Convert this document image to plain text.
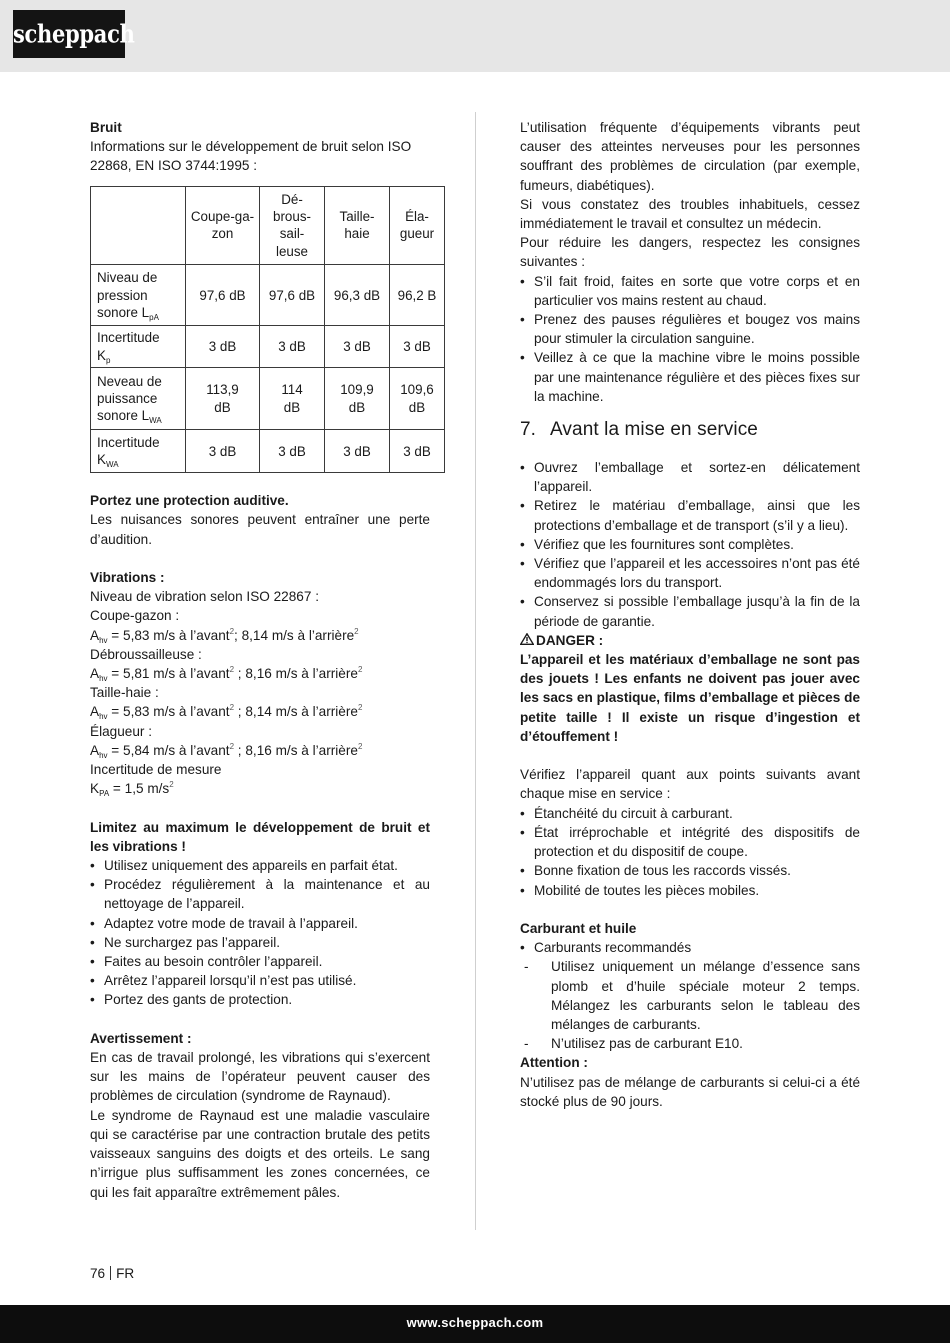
scheppach
Bruit
Informations sur le développement de bruit selon ISO 22868, EN ISO 3744:1995 :
	Coupe-ga-
zon	Dé-
brous-
sail-
leuse	Taille-
haie	Éla-
gueur
Niveau de
pression
sonore $L_{pA}$	97,6 dB	97,6 dB	96,3 dB	96,2 B
Incertitude
$K_p$	3 dB	3 dB	3 dB	3 dB
Neveau de
puissance
sonore $L_{WA}$	113,9
dB	114
dB	109,9
dB	109,6
dB
Incertitude
$K_{WA}$	3 dB	3 dB	3 dB	3 dB
Portez une protection auditive.
Les nuisances sonores peuvent entraîner une perte d’audition.
Vibrations :
Niveau de vibration selon ISO 22867 :
Coupe-gazon :
$A_{hv} = 5,83$ m/s à l’avant$^2$; 8,14 m/s à l’arrière$^2$
Débroussailleuse :
$A_{hv} = 5,81$ m/s à l’avant$^2$ ; 8,16 m/s à l’arrière$^2$
Taille-haie :
$A_{hv} = 5,83$ m/s à l’avant$^2$ ; 8,14 m/s à l’arrière$^2$
Élagueur :
$A_{hv} = 5,84$ m/s à l’avant$^2$ ; 8,16 m/s à l’arrière$^2$
Incertitude de mesure
$K_{PA} = 1,5$ $m/s^2$
Limitez au maximum le développement de bruit et les vibrations !
• Utilisez uniquement des appareils en parfait état.
• Procédez régulièrement à la maintenance et au nettoyage de l’appareil.
• Adaptez votre mode de travail à l’appareil.
• Ne surchargez pas l’appareil.
• Faites au besoin contrôler l’appareil.
• Arrêtez l’appareil lorsqu’il n’est pas utilisé.
• Portez des gants de protection.
Avertissement :
En cas de travail prolongé, les vibrations qui s’exercent sur les mains de l’opérateur peuvent causer des problèmes de circulation (syndrome de Raynaud).
Le syndrome de Raynaud est une maladie vasculaire qui se caractérise par une contraction brutale des petits vaisseaux sanguins des doigts et des orteils. Le sang n’irrigue plus suffisamment les zones concernées, ce qui les fait apparaître extrêmement pâles.
L’utilisation fréquente d’équipements vibrants peut causer des atteintes nerveuses pour les personnes souffrant des problèmes de circulation (par exemple, fumeurs, diabétiques).
Si vous constatez des troubles inhabituels, cessez immédiatement le travail et consultez un médecin.
Pour réduire les dangers, respectez les consignes suivantes :
• S’il fait froid, faites en sorte que votre corps et en particulier vos mains restent au chaud.
• Prenez des pauses régulières et bougez vos mains pour stimuler la circulation sanguine.
• Veillez à ce que la machine vibre le moins possible par une maintenance régulière et des pièces fixes sur la machine.
7. Avant la mise en service
• Ouvrez l’emballage et sortez-en délicatement l’appareil.
• Retirez le matériau d’emballage, ainsi que les protections d’emballage et de transport (s’il y a lieu).
• Vérifiez que les fournitures sont complètes.
• Vérifiez que l’appareil et les accessoires n’ont pas été endommagés lors du transport.
• Conservez si possible l’emballage jusqu’à la fin de la période de garantie.
DANGER :
L’appareil et les matériaux d’emballage ne sont pas des jouets ! Les enfants ne doivent pas jouer avec les sacs en plastique, films d’emballage et pièces de petite taille ! Il existe un risque d’ingestion et d’étouffement !
Vérifiez l’appareil quant aux points suivants avant chaque mise en service :
• Étanchéité du circuit à carburant.
• État irréprochable et intégrité des dispositifs de protection et du dispositif de coupe.
• Bonne fixation de tous les raccords vissés.
• Mobilité de toutes les pièces mobiles.
Carburant et huile
• Carburants recommandés
- Utilisez uniquement un mélange d’essence sans plomb et d’huile spéciale moteur 2 temps. Mélangez les carburants selon le tableau des mélanges de carburants.
- N’utilisez pas de carburant E10.
Attention :
N’utilisez pas de mélange de carburants si celui-ci a été stocké plus de 90 jours.
76 FR
www.scheppach.com
